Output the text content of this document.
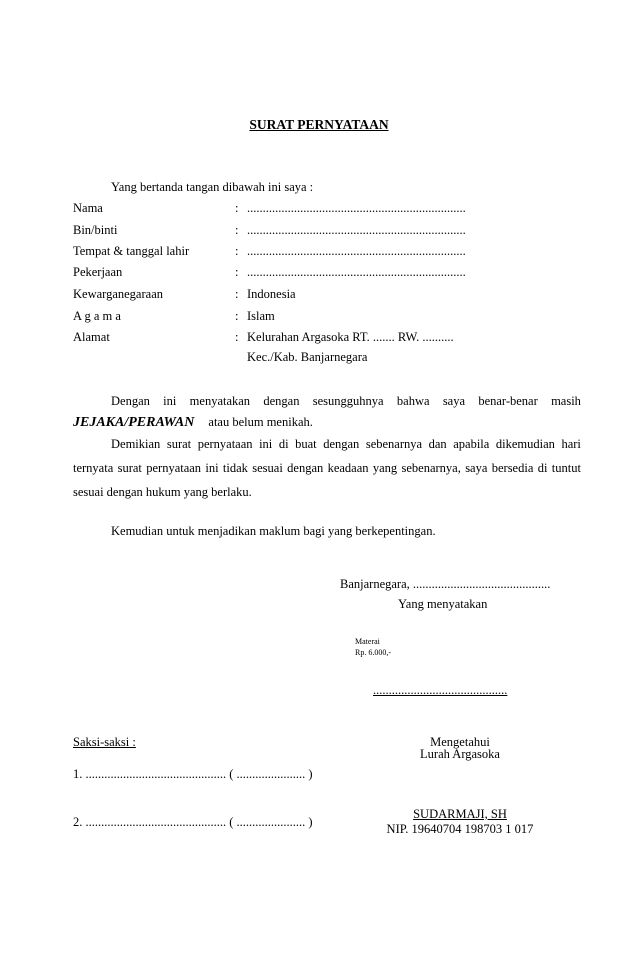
SURAT PERNYATAAN
Yang bertanda tangan dibawah ini saya :
Nama	: ......................................................................
Bin/binti	: ......................................................................
Tempat & tanggal lahir	: ......................................................................
Pekerjaan	: ......................................................................
Kewarganegaraan	: Indonesia
A g a m a	: Islam
Alamat	: Kelurahan Argasoka RT. ....... RW. ..........
Kec./Kab. Banjarnegara
Dengan ini menyatakan dengan sesungguhnya bahwa saya benar-benar masih
JEJAKA/PERAWAN atau belum menikah.
Demikian surat pernyataan ini di buat dengan sebenarnya dan apabila dikemudian hari
ternyata surat pernyataan ini tidak sesuai dengan keadaan yang sebenarnya, saya bersedia di tuntut
sesuai dengan hukum yang berlaku.
Kemudian untuk menjadikan maklum bagi yang berkepentingan.
Banjarnegara, ............................................
Yang menyatakan
Materai
Rp. 6.000,-
...........................................
Saksi-saksi :	Mengetahui
Lurah Argasoka
1. ............................................. ( ...................... )
2. ............................................. ( ...................... )
SUDARMAJI, SH
NIP. 19640704 198703 1 017
